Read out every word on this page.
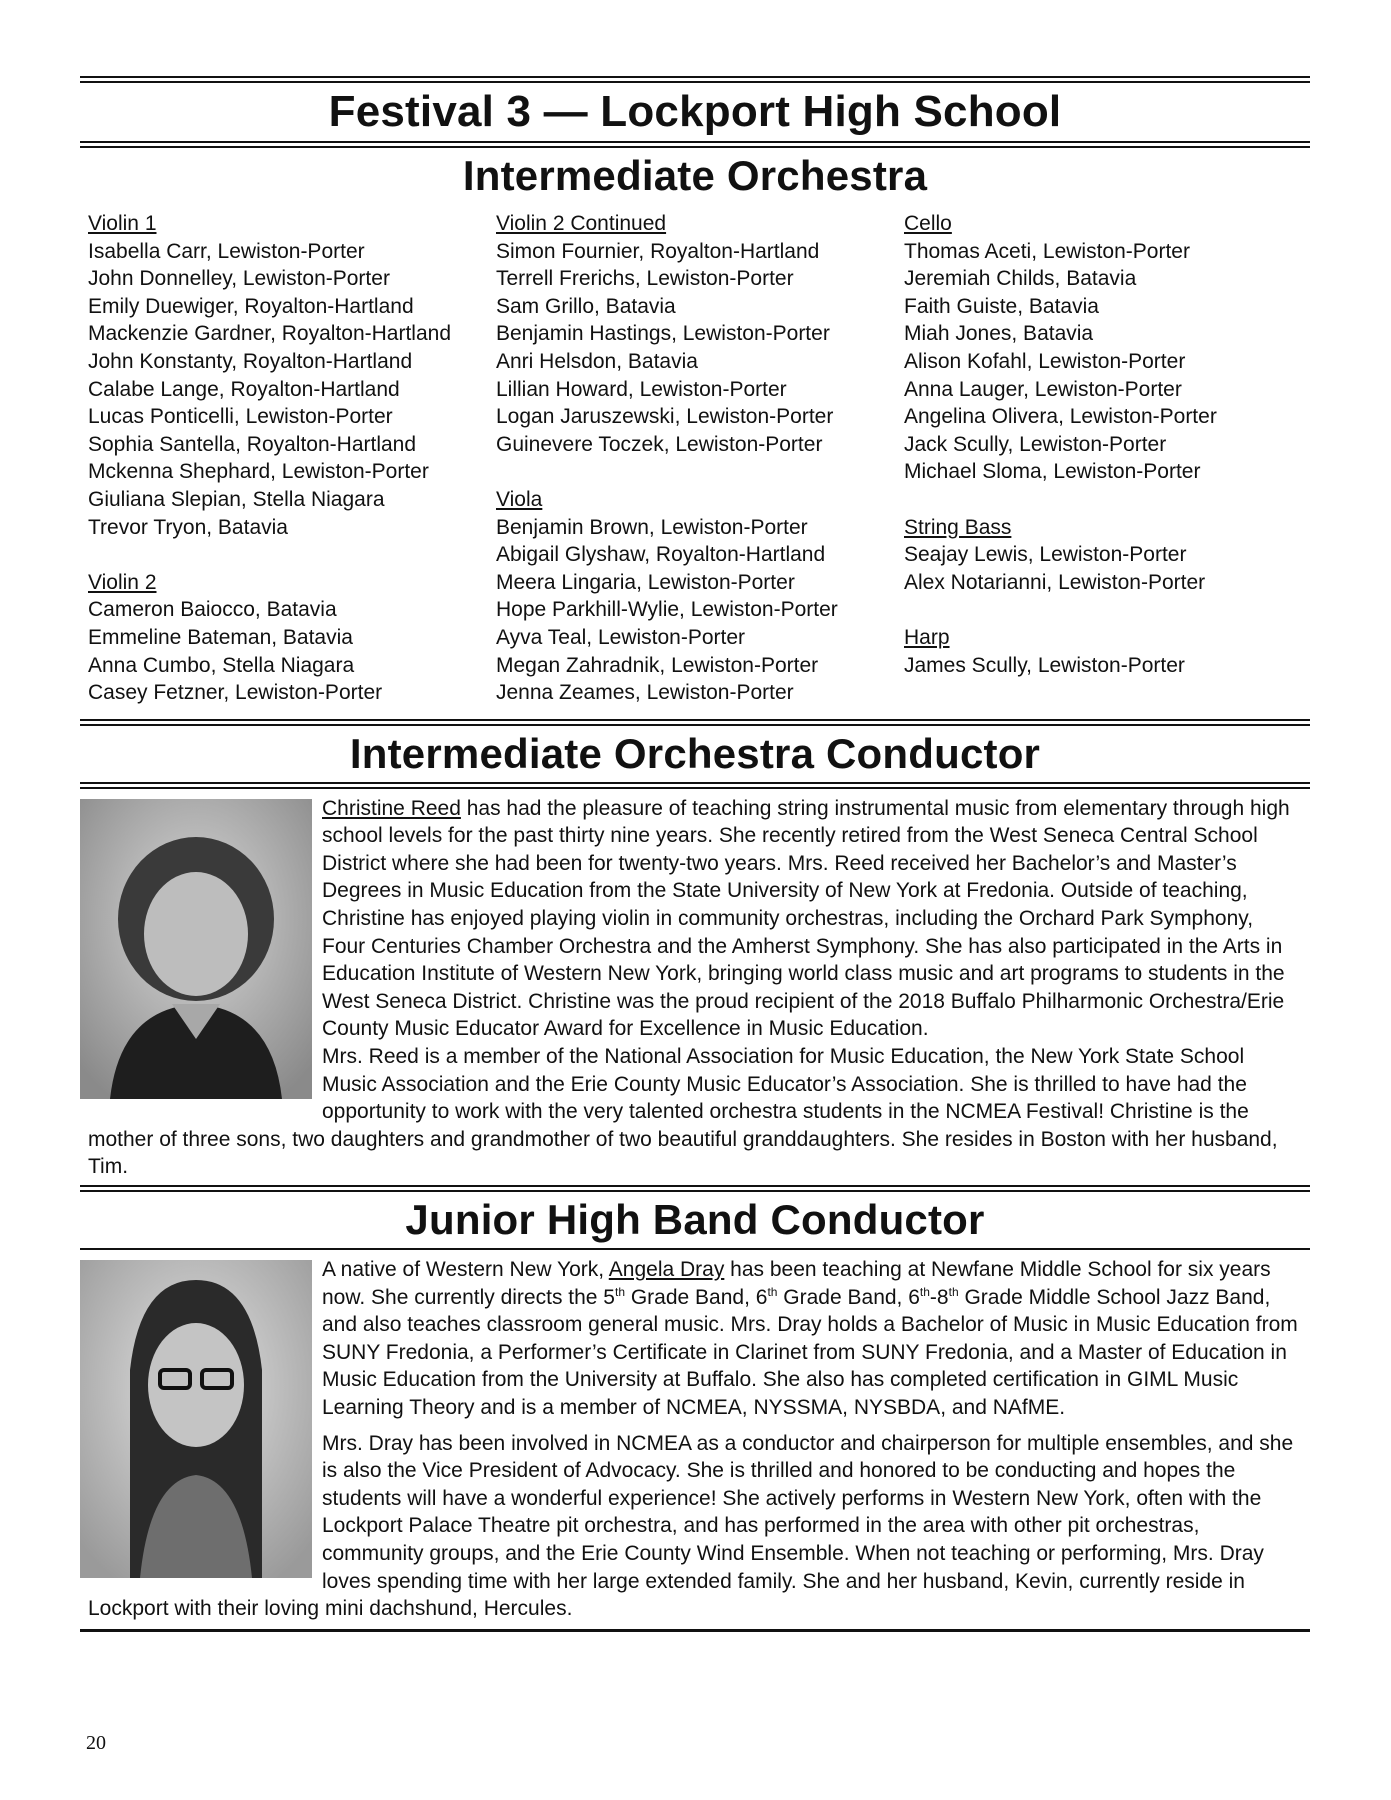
Festival 3 — Lockport High School
Intermediate Orchestra
Violin 1
Isabella Carr, Lewiston-Porter
John Donnelley, Lewiston-Porter
Emily Duewiger, Royalton-Hartland
Mackenzie Gardner, Royalton-Hartland
John Konstanty, Royalton-Hartland
Calabe Lange, Royalton-Hartland
Lucas Ponticelli, Lewiston-Porter
Sophia Santella, Royalton-Hartland
Mckenna Shephard, Lewiston-Porter
Giuliana Slepian, Stella Niagara
Trevor Tryon, Batavia
Violin 2
Cameron Baiocco, Batavia
Emmeline Bateman, Batavia
Anna Cumbo, Stella Niagara
Casey Fetzner, Lewiston-Porter
Violin 2 Continued
Simon Fournier, Royalton-Hartland
Terrell Frerichs, Lewiston-Porter
Sam Grillo, Batavia
Benjamin Hastings, Lewiston-Porter
Anri Helsdon, Batavia
Lillian Howard, Lewiston-Porter
Logan Jaruszewski, Lewiston-Porter
Guinevere Toczek, Lewiston-Porter
Viola
Benjamin Brown, Lewiston-Porter
Abigail Glyshaw, Royalton-Hartland
Meera Lingaria, Lewiston-Porter
Hope Parkhill-Wylie, Lewiston-Porter
Ayva Teal, Lewiston-Porter
Megan Zahradnik, Lewiston-Porter
Jenna Zeames, Lewiston-Porter
Cello
Thomas Aceti, Lewiston-Porter
Jeremiah Childs, Batavia
Faith Guiste, Batavia
Miah Jones, Batavia
Alison Kofahl, Lewiston-Porter
Anna Lauger, Lewiston-Porter
Angelina Olivera, Lewiston-Porter
Jack Scully, Lewiston-Porter
Michael Sloma, Lewiston-Porter
String Bass
Seajay Lewis, Lewiston-Porter
Alex Notarianni, Lewiston-Porter
Harp
James Scully, Lewiston-Porter
Intermediate Orchestra Conductor

Christine Reed has had the pleasure of teaching string instrumental music from elementary through high school levels for the past thirty nine years. She recently retired from the West Seneca Central School District where she had been for twenty-two years. Mrs. Reed received her Bachelor’s and Master’s Degrees in Music Education from the State University of New York at Fredonia. Outside of teaching, Christine has enjoyed playing violin in community orchestras, including the Orchard Park Symphony, Four Centuries Chamber Orchestra and the Amherst Symphony. She has also participated in the Arts in Education Institute of Western New York, bringing world class music and art programs to students in the West Seneca District. Christine was the proud recipient of the 2018 Buffalo Philharmonic Orchestra/Erie County Music Educator Award for Excellence in Music Education.

Mrs. Reed is a member of the National Association for Music Education, the New York State School Music Association and the Erie County Music Educator’s Association. She is thrilled to have had the opportunity to work with the very talented orchestra students in the NCMEA Festival! Christine is the mother of three sons, two daughters and grandmother of two beautiful granddaughters. She resides in Boston with her husband, Tim.

Junior High Band Conductor

A native of Western New York, Angela Dray has been teaching at Newfane Middle School for six years now. She currently directs the 5th Grade Band, 6th Grade Band, 6th-8th Grade Middle School Jazz Band, and also teaches classroom general music. Mrs. Dray holds a Bachelor of Music in Music Education from SUNY Fredonia, a Performer’s Certificate in Clarinet from SUNY Fredonia, and a Master of Education in Music Education from the University at Buffalo. She also has completed certification in GIML Music Learning Theory and is a member of NCMEA, NYSSMA, NYSBDA, and NAfME.

Mrs. Dray has been involved in NCMEA as a conductor and chairperson for multiple ensembles, and she is also the Vice President of Advocacy. She is thrilled and honored to be conducting and hopes the students will have a wonderful experience! She actively performs in Western New York, often with the Lockport Palace Theatre pit orchestra, and has performed in the area with other pit orchestras, community groups, and the Erie County Wind Ensemble. When not teaching or performing, Mrs. Dray loves spending time with her large extended family. She and her husband, Kevin, currently reside in Lockport with their loving mini dachshund, Hercules.

20
